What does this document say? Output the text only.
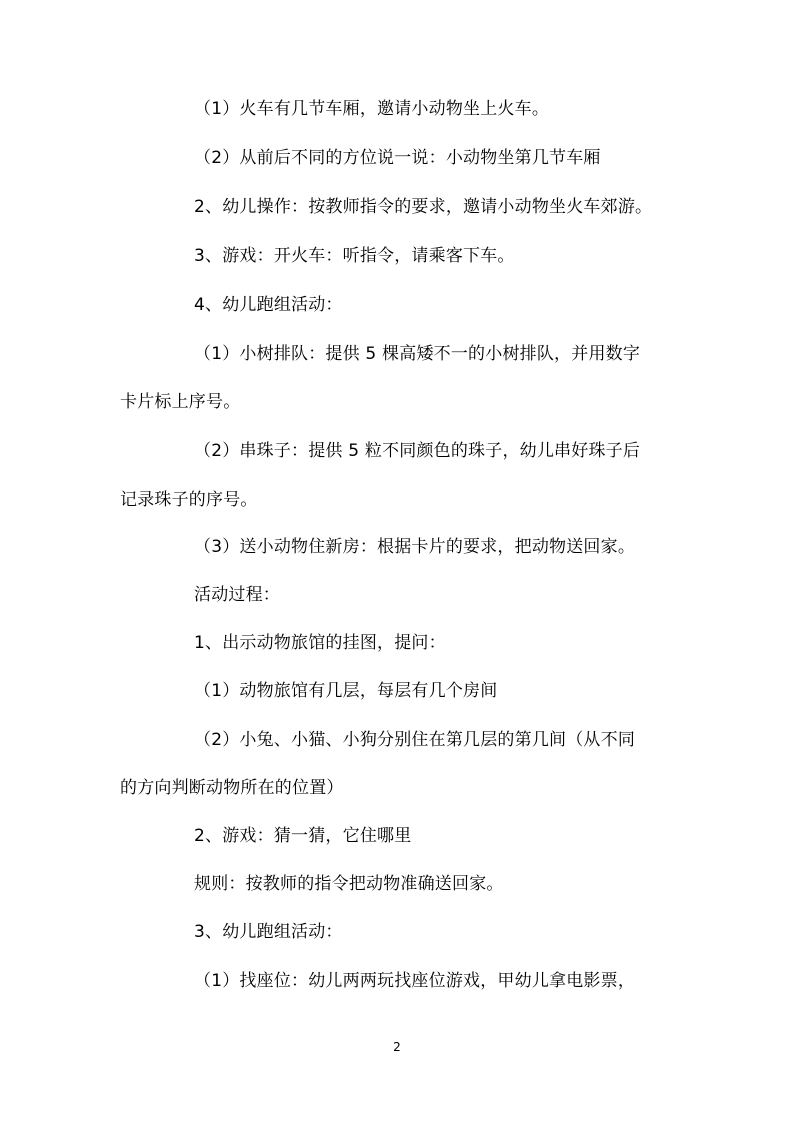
（1）火车有几节车厢，邀请小动物坐上火车。
（2）从前后不同的方位说一说：小动物坐第几节车厢
2、幼儿操作：按教师指令的要求，邀请小动物坐火车郊游。
3、游戏：开火车：听指令，请乘客下车。
4、幼儿跑组活动：
（1）小树排队：提供 5 棵高矮不一的小树排队，并用数字
卡片标上序号。
（2）串珠子：提供 5 粒不同颜色的珠子，幼儿串好珠子后
记录珠子的序号。
（3）送小动物住新房：根据卡片的要求，把动物送回家。
活动过程：
1、出示动物旅馆的挂图，提问：
（1）动物旅馆有几层，每层有几个房间
（2）小兔、小猫、小狗分别住在第几层的第几间（从不同
的方向判断动物所在的位置）
2、游戏：猜一猜，它住哪里
规则：按教师的指令把动物准确送回家。
3、幼儿跑组活动：
（1）找座位：幼儿两两玩找座位游戏，甲幼儿拿电影票，
2
